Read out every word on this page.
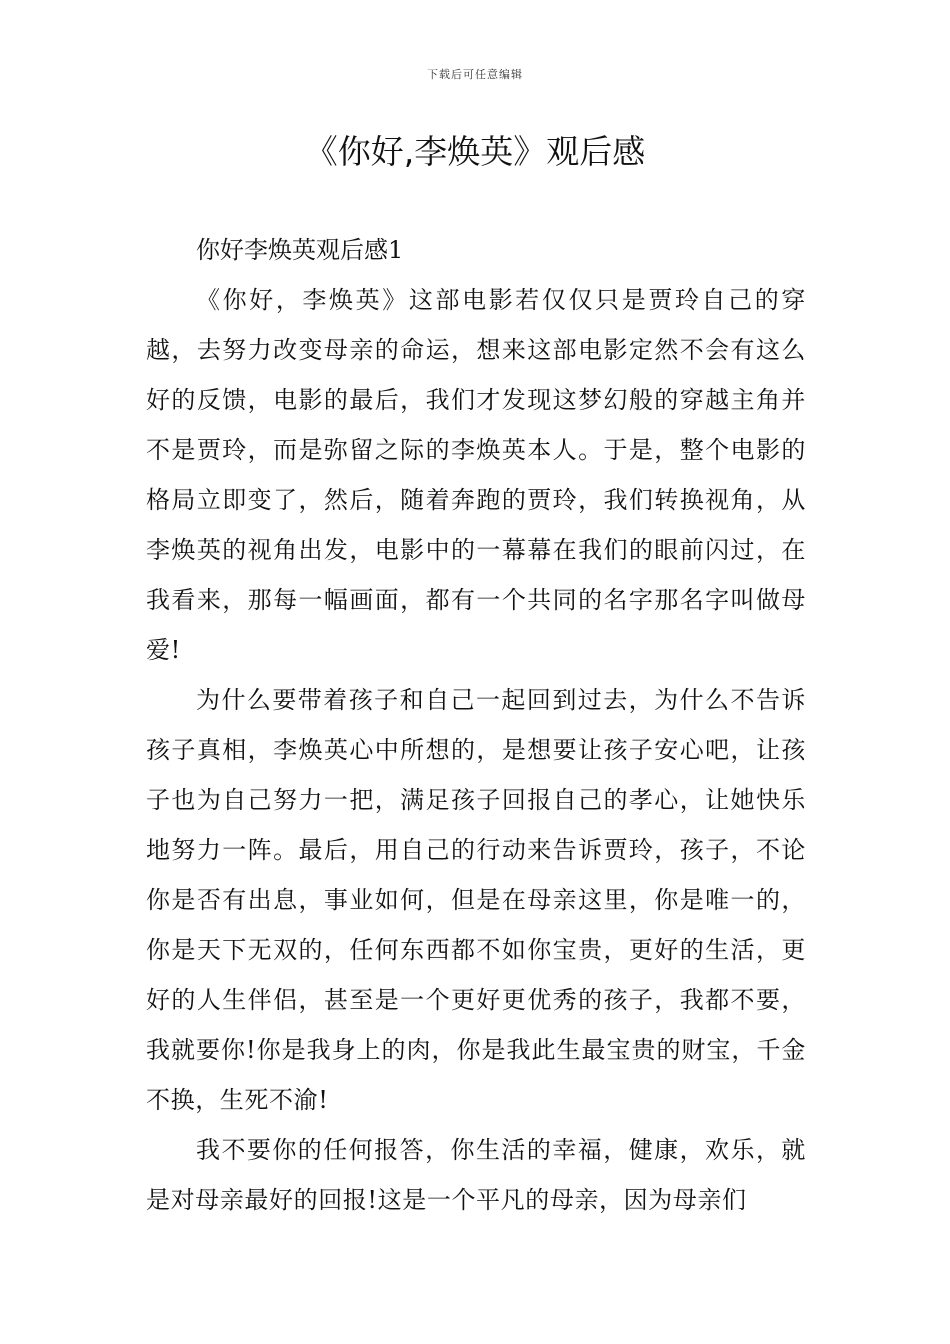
下载后可任意编辑
《你好,李焕英》观后感

你好李焕英观后感1

《你好，李焕英》这部电影若仅仅只是贾玲自己的穿越，去努力改变母亲的命运，想来这部电影定然不会有这么好的反馈，电影的最后，我们才发现这梦幻般的穿越主角并不是贾玲，而是弥留之际的李焕英本人。于是，整个电影的格局立即变了，然后，随着奔跑的贾玲，我们转换视角，从李焕英的视角出发，电影中的一幕幕在我们的眼前闪过，在我看来，那每一幅画面，都有一个共同的名字那名字叫做母爱!

为什么要带着孩子和自己一起回到过去，为什么不告诉孩子真相，李焕英心中所想的，是想要让孩子安心吧，让孩子也为自己努力一把，满足孩子回报自己的孝心，让她快乐地努力一阵。最后，用自己的行动来告诉贾玲，孩子，不论你是否有出息，事业如何，但是在母亲这里，你是唯一的，你是天下无双的，任何东西都不如你宝贵，更好的生活，更好的人生伴侣，甚至是一个更好更优秀的孩子，我都不要，我就要你!你是我身上的肉，你是我此生最宝贵的财宝，千金不换，生死不渝!

我不要你的任何报答，你生活的幸福，健康，欢乐，就是对母亲最好的回报!这是一个平凡的母亲，因为母亲们
